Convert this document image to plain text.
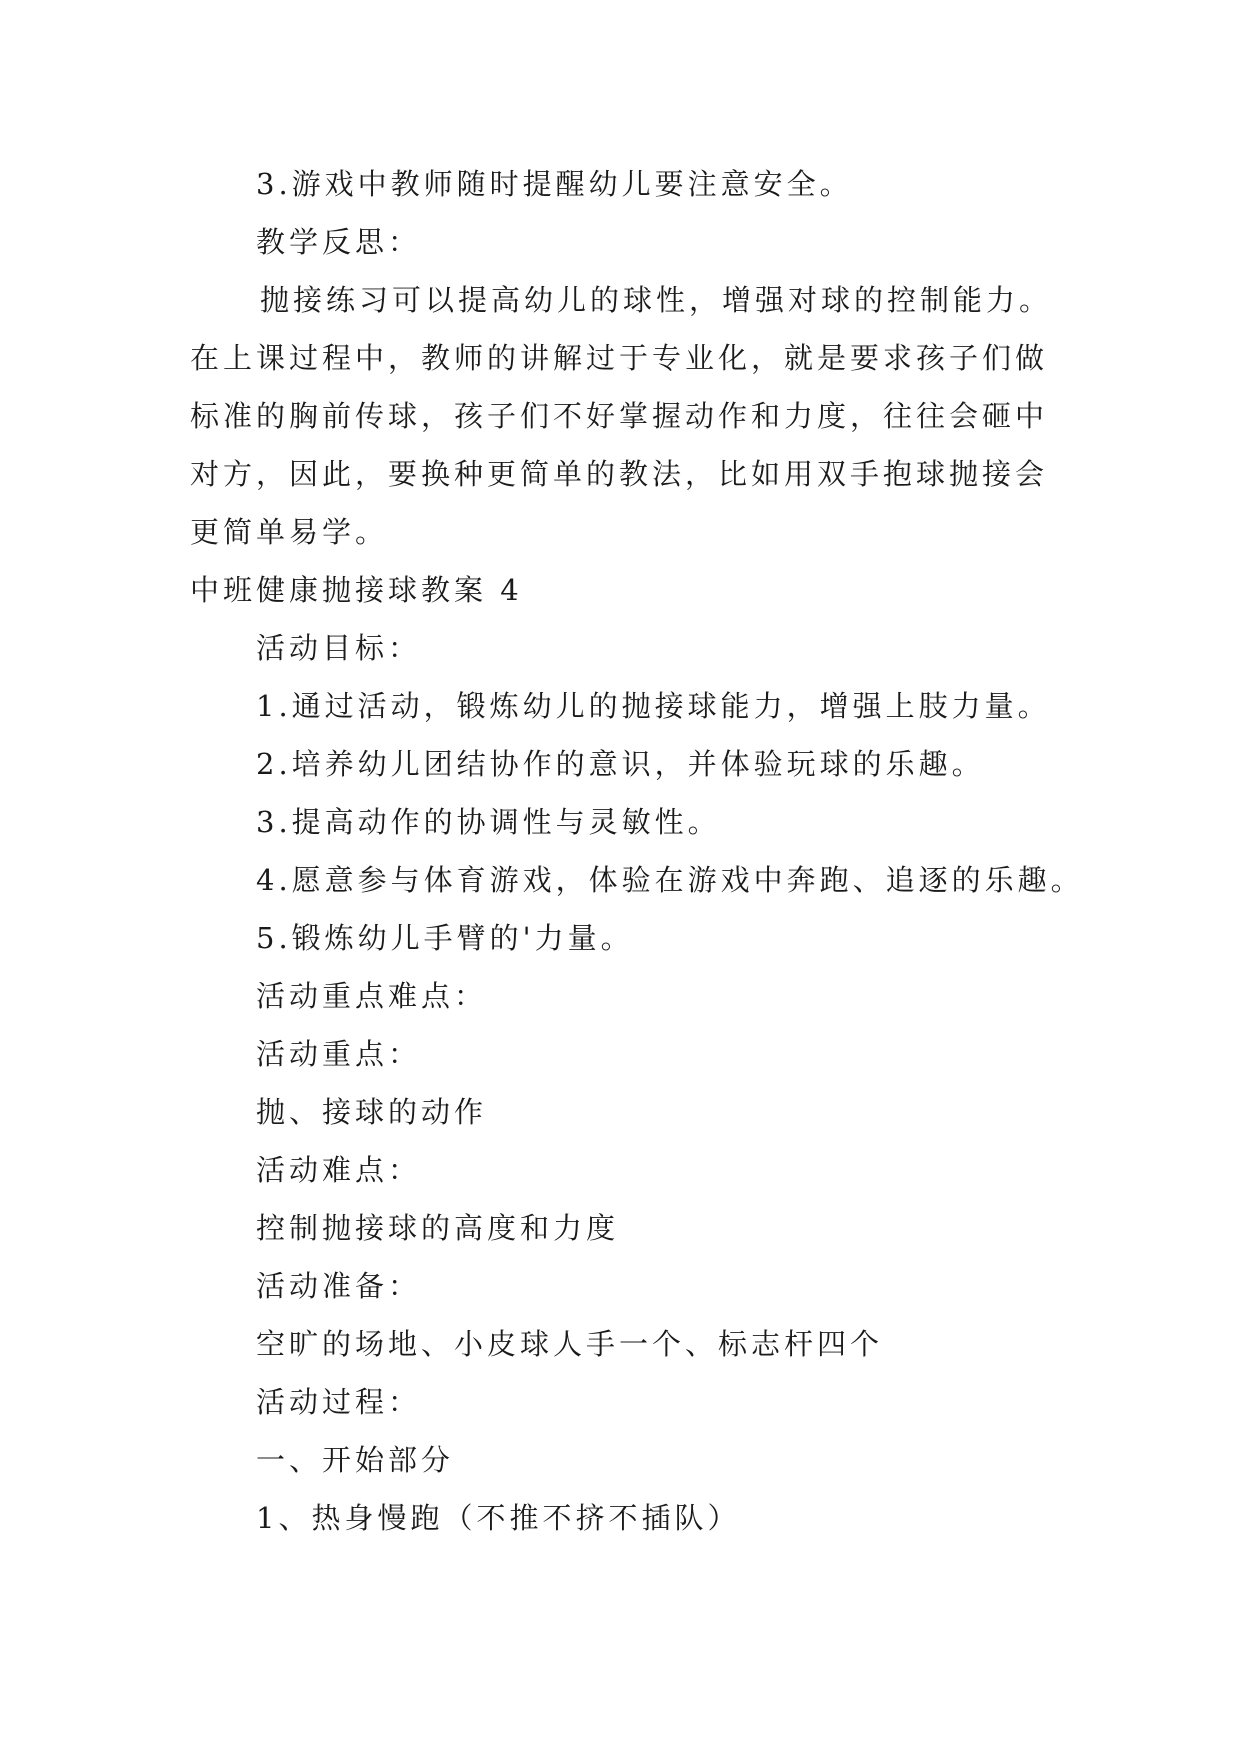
3.游戏中教师随时提醒幼儿要注意安全。
教学反思：
抛接练习可以提高幼儿的球性，增强对球的控制能力。
在上课过程中，教师的讲解过于专业化，就是要求孩子们做
标准的胸前传球，孩子们不好掌握动作和力度，往往会砸中
对方，因此，要换种更简单的教法，比如用双手抱球抛接会
更简单易学。
中班健康抛接球教案 4
活动目标：
1.通过活动，锻炼幼儿的抛接球能力，增强上肢力量。
2.培养幼儿团结协作的意识，并体验玩球的乐趣。
3.提高动作的协调性与灵敏性。
4.愿意参与体育游戏，体验在游戏中奔跑、追逐的乐趣。
5.锻炼幼儿手臂的'力量。
活动重点难点：
活动重点：
抛、接球的动作
活动难点：
控制抛接球的高度和力度
活动准备：
空旷的场地、小皮球人手一个、标志杆四个
活动过程：
一、开始部分
1、热身慢跑（不推不挤不插队）
